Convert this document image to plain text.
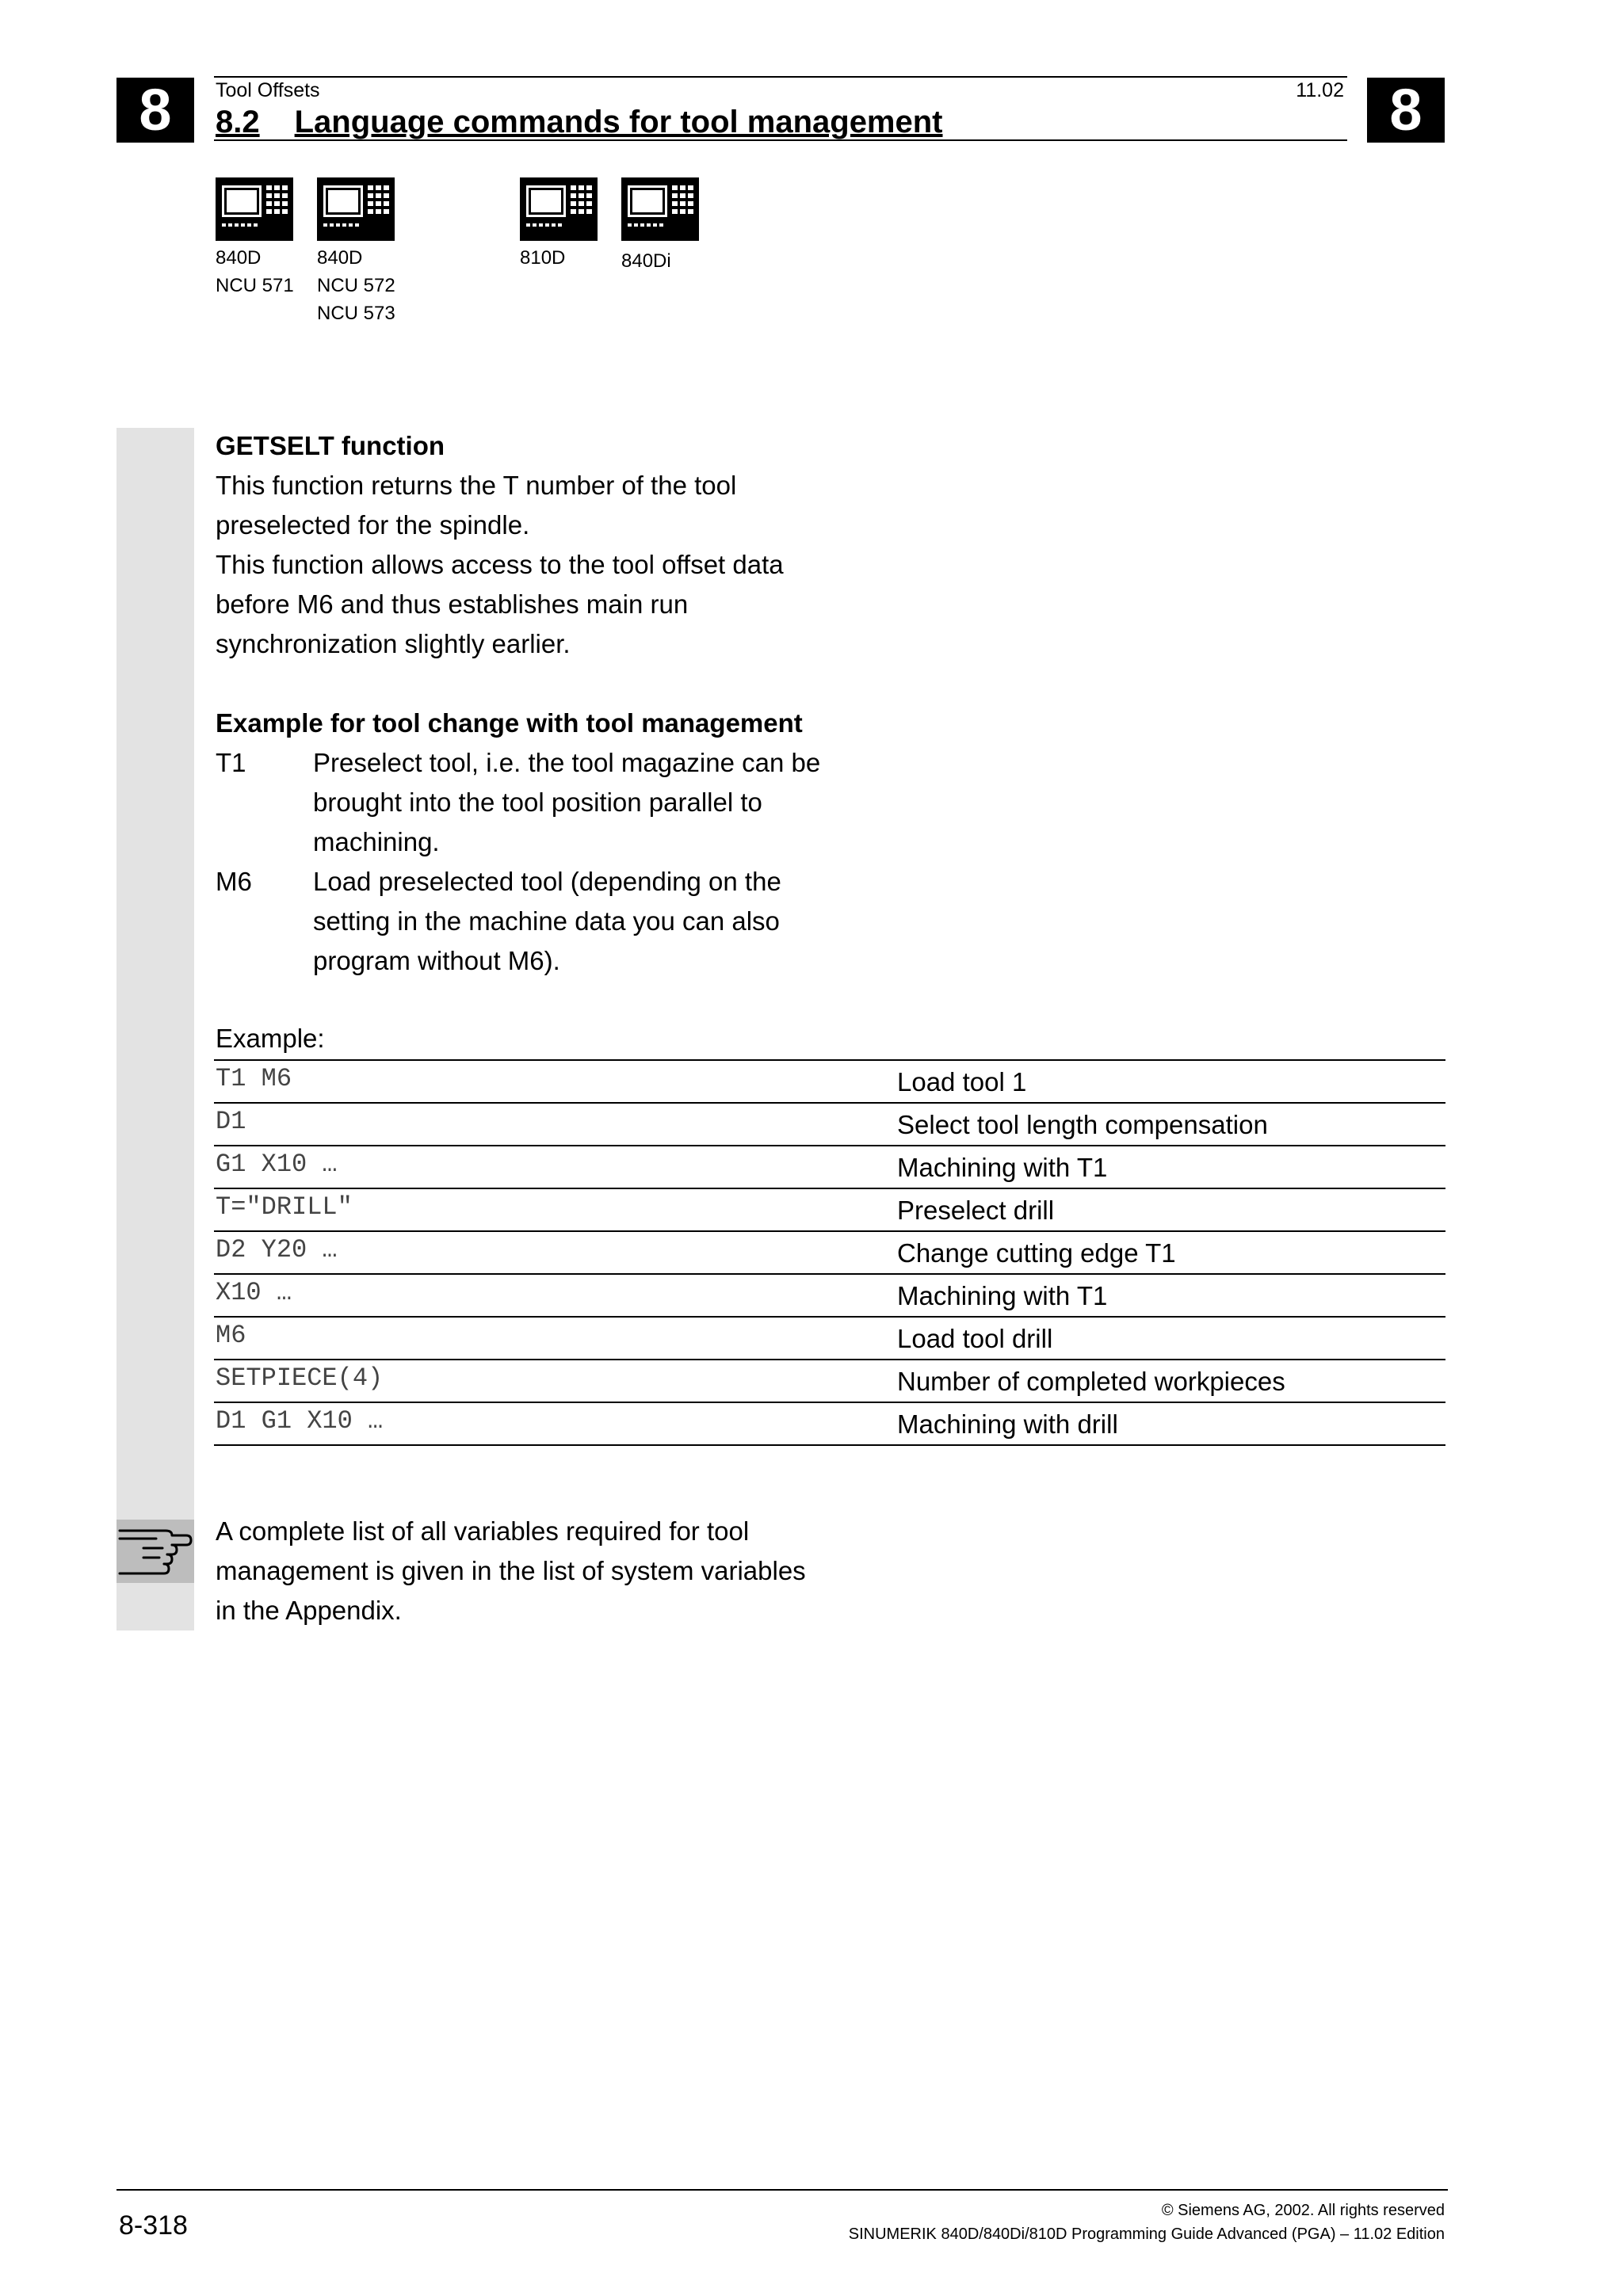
8	8
Tool Offsets	11.02
8.2 Language commands for tool management
840D
NCU 571
840D
NCU 572
NCU 573
810D	840Di
GETSELT function
This function returns the T number of the tool
preselected for the spindle.
This function allows access to the tool offset data
before M6 and thus establishes main run
synchronization slightly earlier.
Example for tool change with tool management
T1	Preselect tool, i.e. the tool magazine can be
brought into the tool position parallel to
machining.
M6 Load preselected tool (depending on the
setting in the machine data you can also
program without M6).
Example:
T1 M6	Load tool 1
D1	Select tool length compensation
G1 X10 …	Machining with T1
T="DRILL"	Preselect drill
D2 Y20 …	Change cutting edge T1
X10 …	Machining with T1
M6	Load tool drill
SETPIECE(4)	Number of completed workpieces
D1 G1 X10 …	Machining with drill
A complete list of all variables required for tool
management is given in the list of system variables
in the Appendix.
8-318	© Siemens AG, 2002. All rights reserved
SINUMERIK 840D/840Di/810D Programming Guide Advanced (PGA) – 11.02 Edition
